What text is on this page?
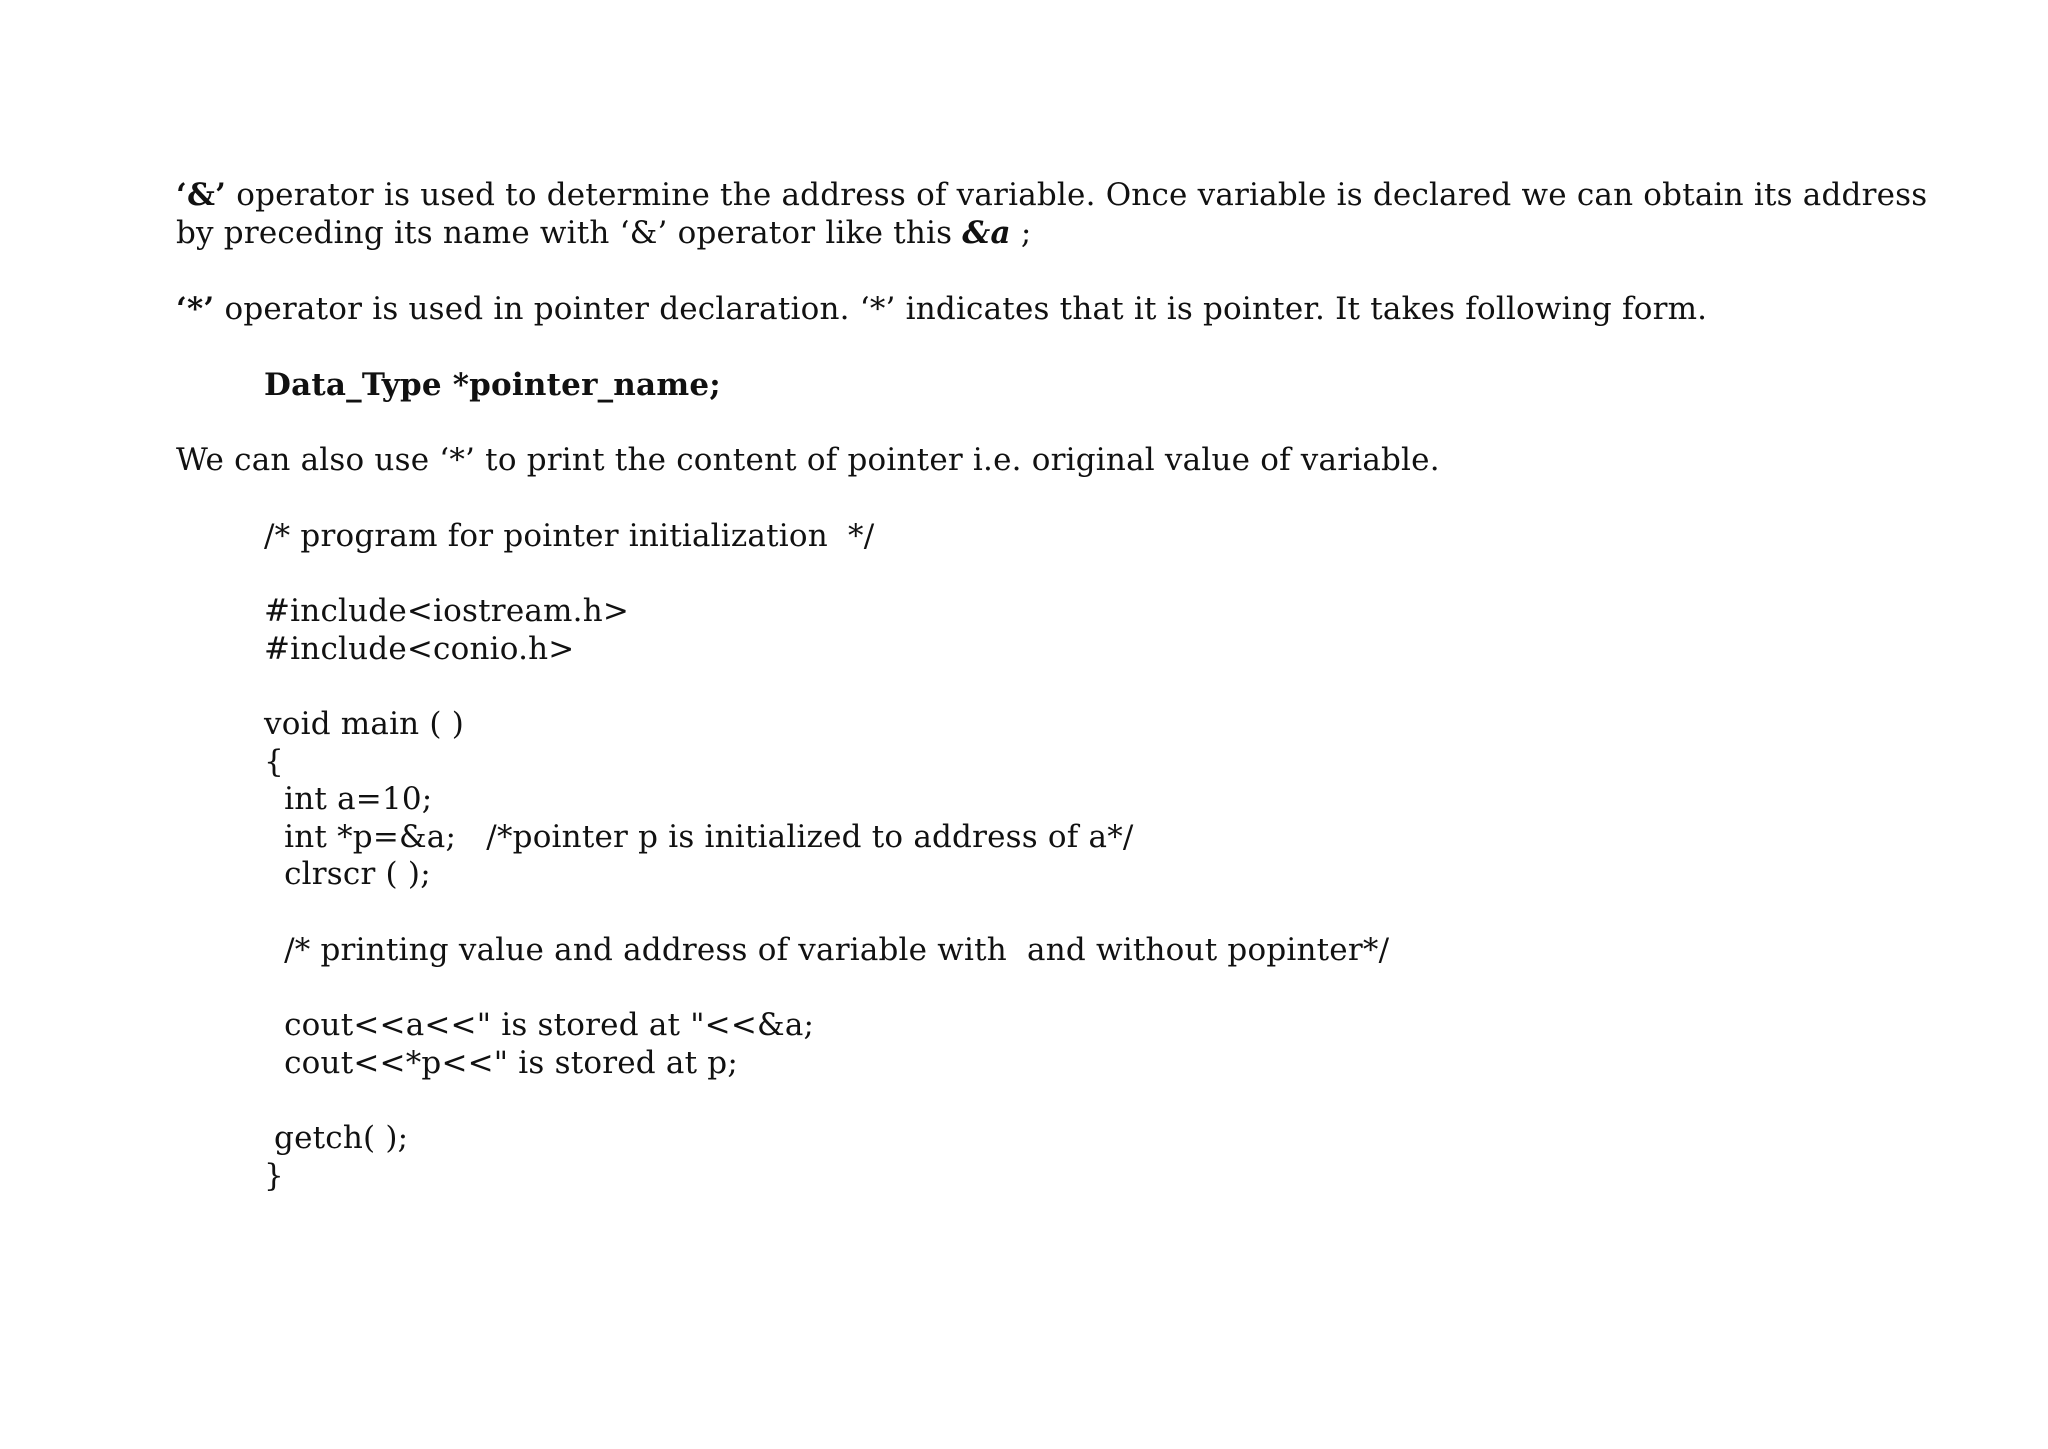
‘&’ operator is used to determine the address of variable. Once variable is declared we can obtain its address
by preceding its name with ‘&’ operator like this &a ;
‘*’ operator is used in pointer declaration. ‘*’ indicates that it is pointer. It takes following form.
Data_Type *pointer_name;
We can also use ‘*’ to print the content of pointer i.e. original value of variable.
/* program for pointer initialization  */
#include<iostream.h>
#include<conio.h>
void main ( )
{
int a=10;
int *p=&a;   /*pointer p is initialized to address of a*/
clrscr ( );
/* printing value and address of variable with  and without popinter*/
cout<<a<<" is stored at "<<&a;
cout<<*p<<" is stored at p;
getch( );
}
